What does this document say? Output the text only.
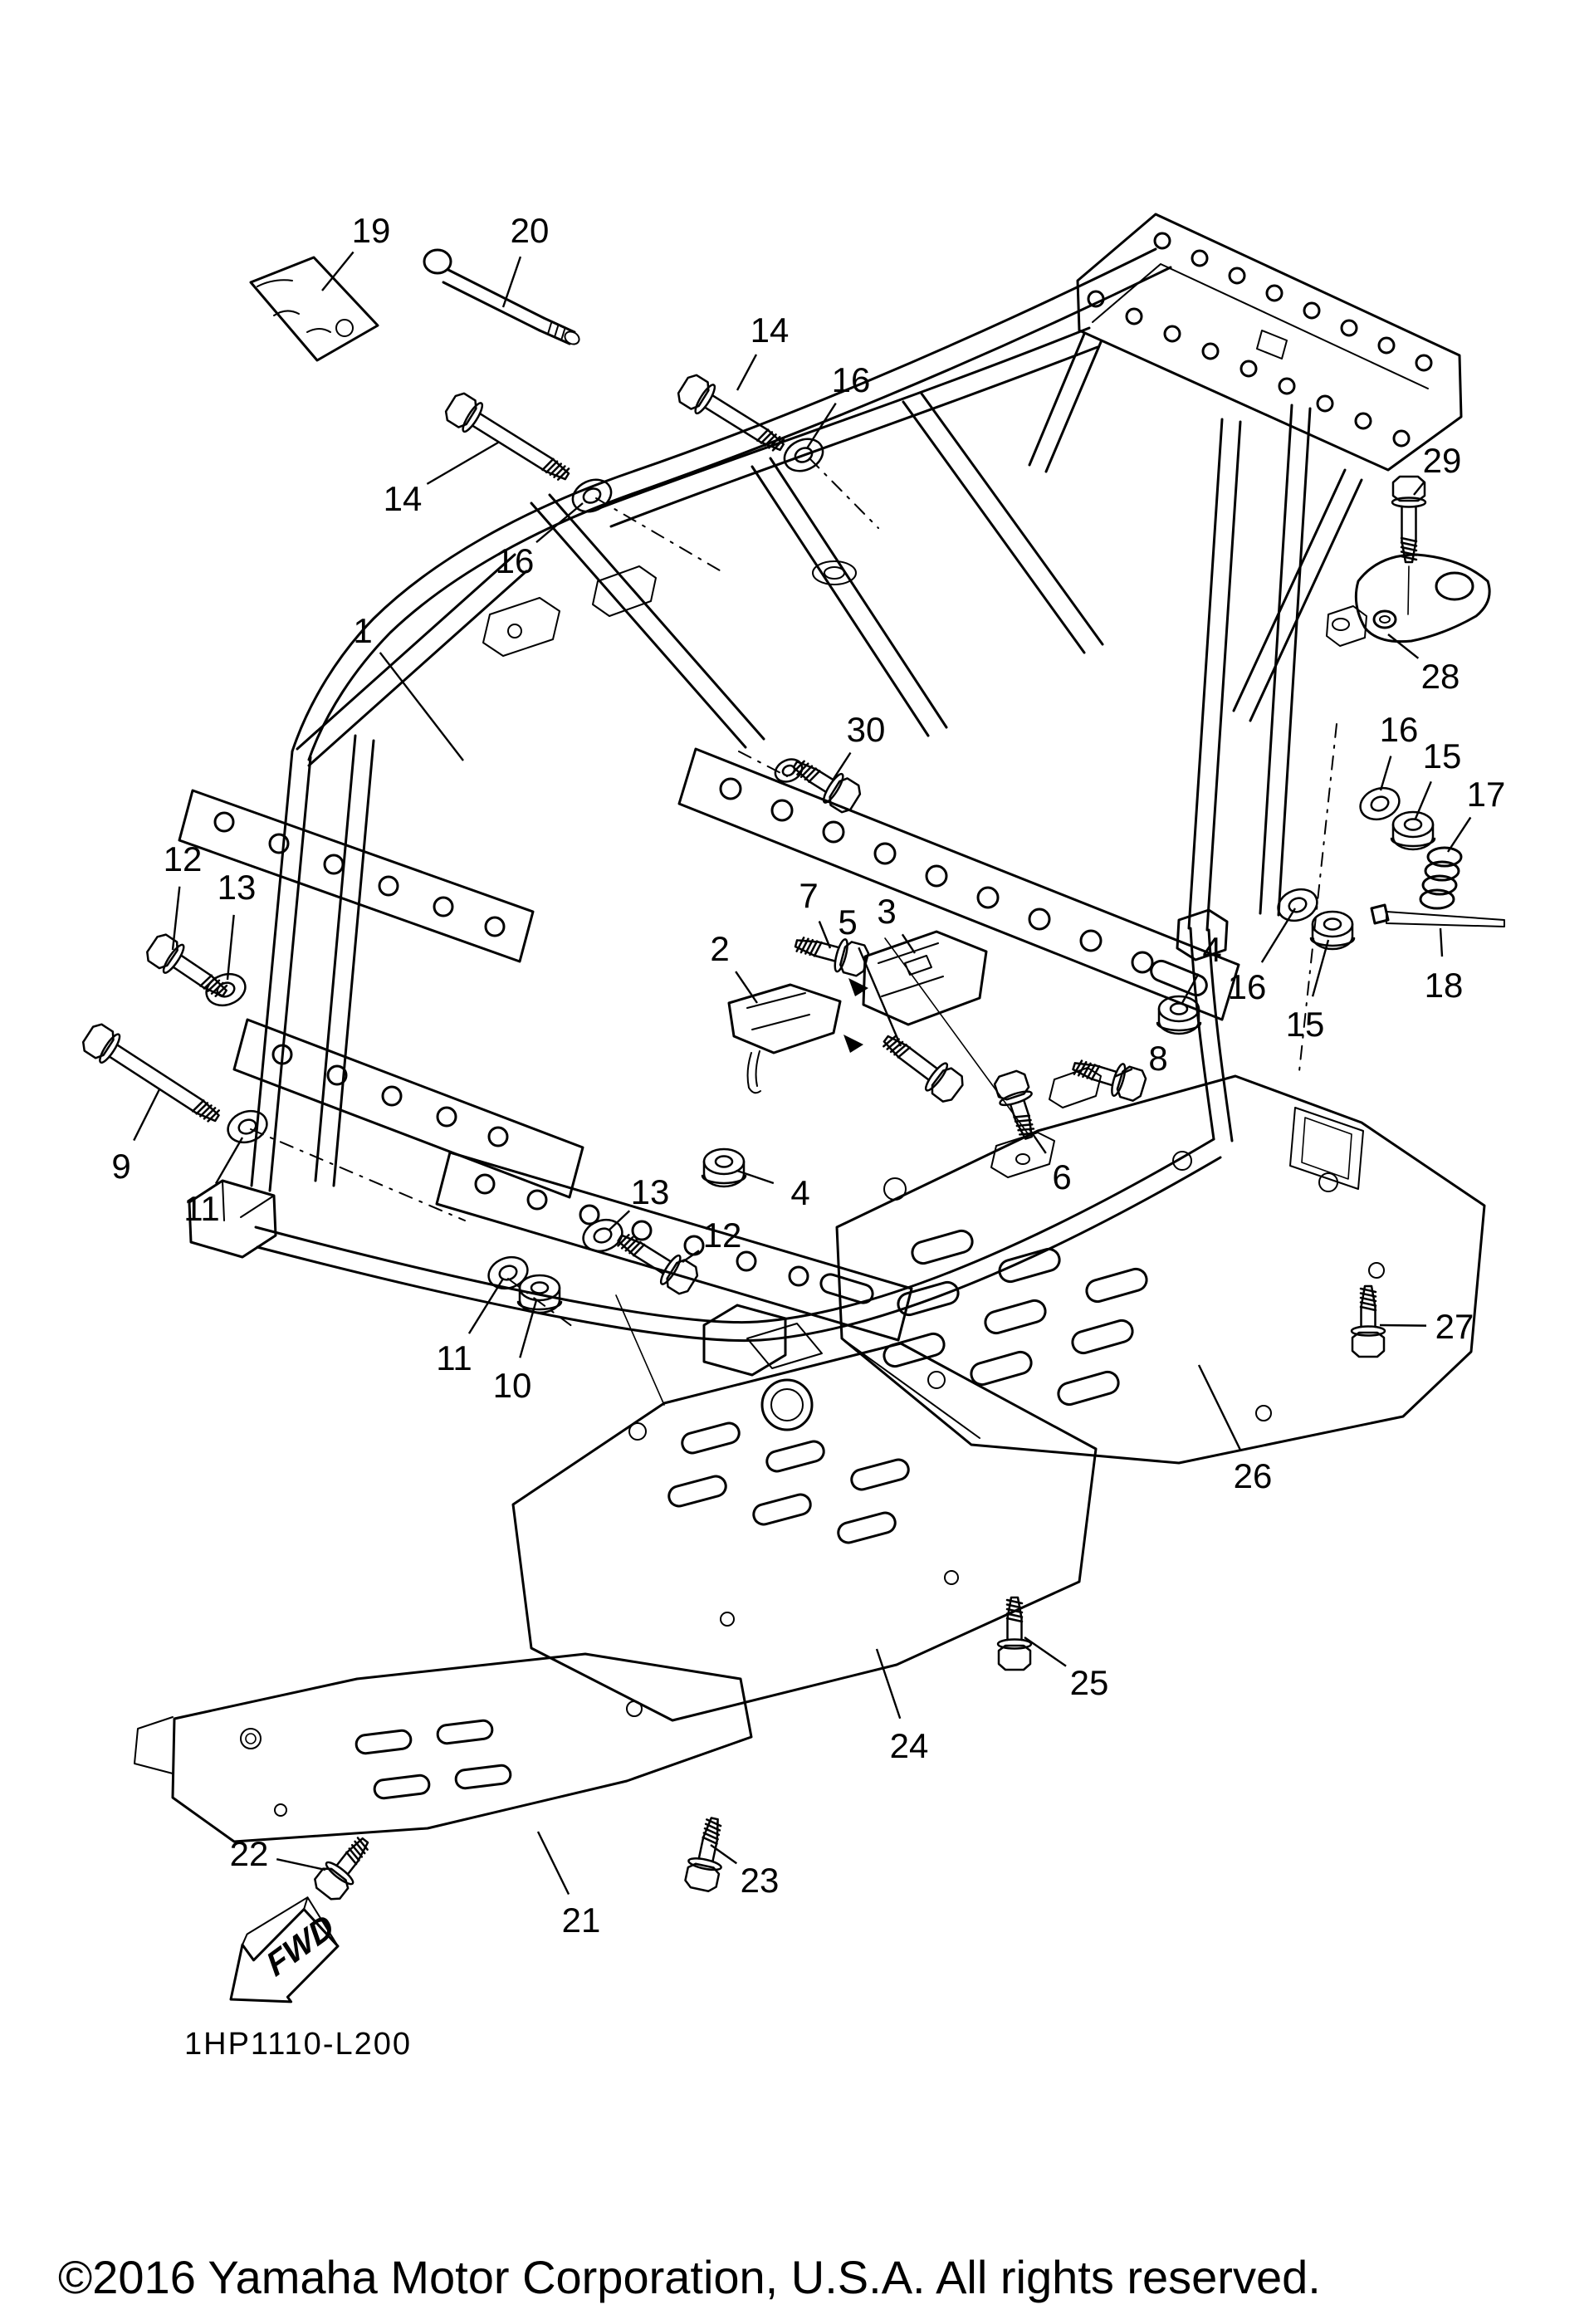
FWD
19	20
14
16
14
16
1
29
28
30	16
15
17
18
16
15
4
12
13
9
11
7
5 3
2
4
13
12
6
8
11
10
27
26
25
24
23
22
21
1HP1110-L200
©2016 Yamaha Motor Corporation, U.S.A. All rights reserved.
